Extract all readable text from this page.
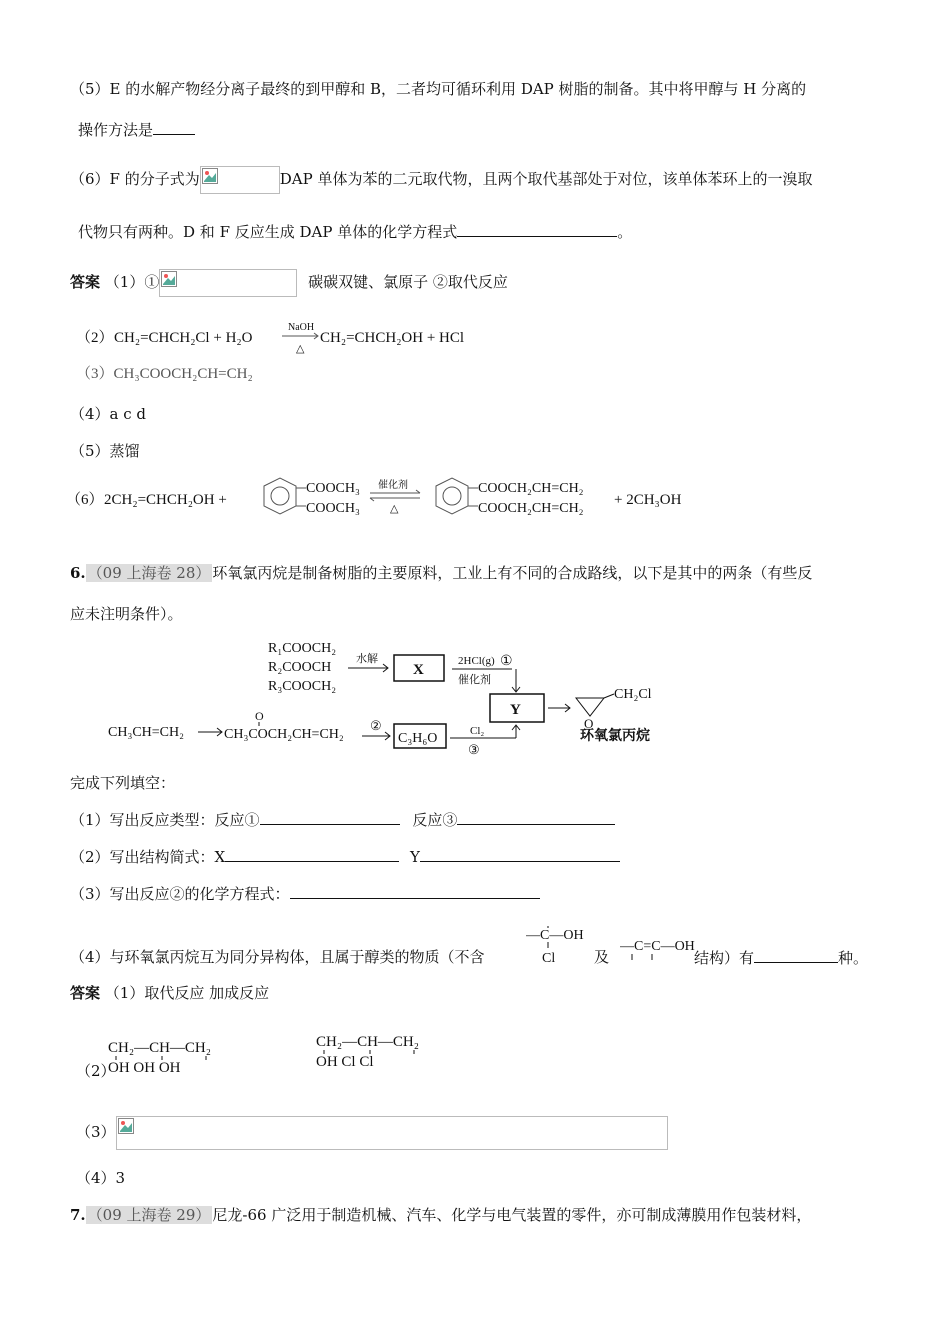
（5）E 的水解产物经分离子最终的到甲醇和 B，二者均可循环利用 DAP 树脂的制备。其中将甲醇与 H 分离的
操作方法是
（6）F 的分子式为	DAP 单体为苯的二元取代物，且两个取代基部处于对位，该单体苯环上的一溴取
代物只有两种。D 和 F 反应生成 DAP 单体的化学方程式	。
答案 （1）①	碳碳双键、氯原子 ②取代反应
（2） CH₂=CHCH₂Cl + H₂O
NaOH
△
CH₂=CHCH₂OH + HCl
（3）CH₃COOCH₂CH=CH₂
（4）a c d
（5）蒸馏
（6） 2CH₂=CHCH₂OH +
COOCH₃
COOCH₃
催化剂
△
COOCH₂CH=CH₂
COOCH₂CH=CH₂
+ 2CH₃OH
6. （09 上海卷 28） 环氧氯丙烷是制备树脂的主要原料，工业上有不同的合成路线，以下是其中的两条（有些反
应未注明条件）。
R₁COOCH₂
R₂COOCH
R₃COOCH₂
水解
X
2HCl(g) ①
催化剂
Y
CH₂Cl
O
环氧氯丙烷
CH₃CH=CH₂
O
CH₃COCH₂CH=CH₂
②
C₃H₆O	Cl₂
③
完成下列填空：
（1）写出反应类型：反应①	反应③
（2）写出结构简式：X	Y
（3）写出反应②的化学方程式：
（4）与环氧氯丙烷互为同分异构体，且属于醇类的物质（不含
—C—OH
Cl	及
—C=C—OH
结构）有	种。
答案 （1）取代反应 加成反应
（2）
CH₂—CH—CH₂
OH OH OH
CH₂—CH—CH₂
OH Cl Cl
（3）
（4）3
7. （09 上海卷 29） 尼龙-66 广泛用于制造机械、汽车、化学与电气装置的零件，亦可制成薄膜用作包装材料，
